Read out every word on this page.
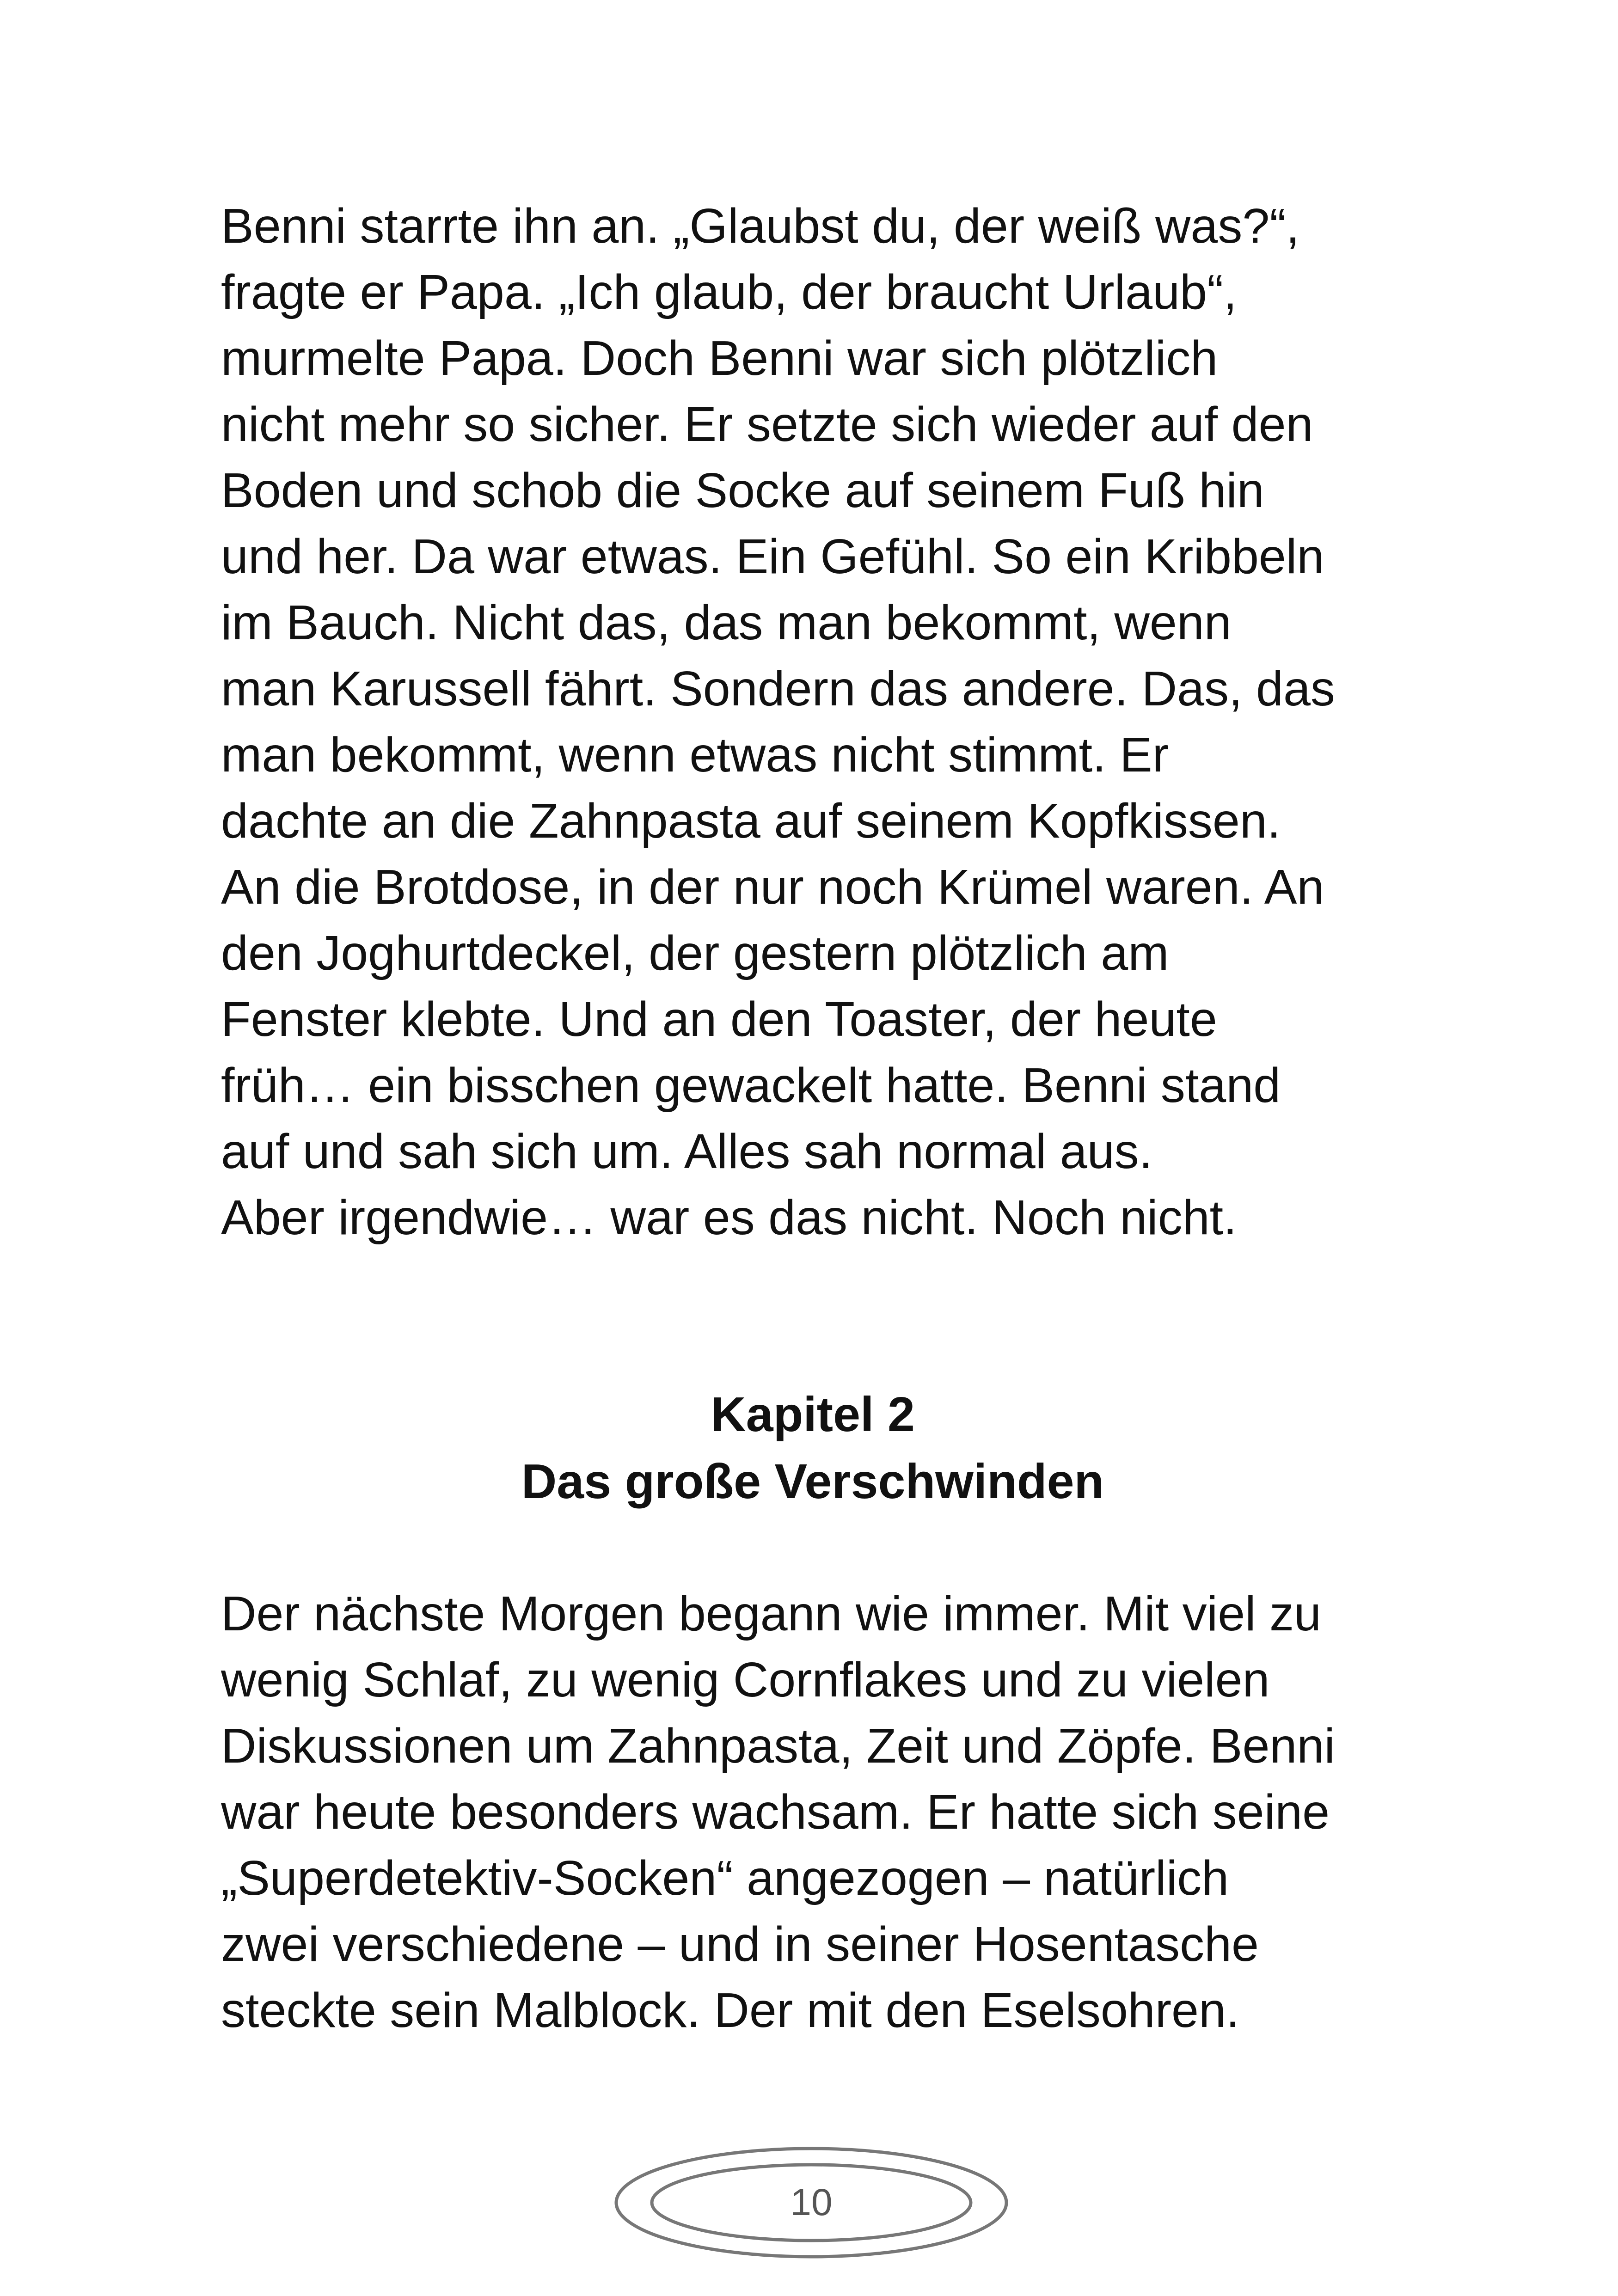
Benni starrte ihn an. „Glaubst du, der weiß was?“,
fragte er Papa. „Ich glaub, der braucht Urlaub“,
murmelte Papa. Doch Benni war sich plötzlich
nicht mehr so sicher. Er setzte sich wieder auf den
Boden und schob die Socke auf seinem Fuß hin
und her. Da war etwas. Ein Gefühl. So ein Kribbeln
im Bauch. Nicht das, das man bekommt, wenn
man Karussell fährt. Sondern das andere. Das, das
man bekommt, wenn etwas nicht stimmt. Er
dachte an die Zahnpasta auf seinem Kopfkissen.
An die Brotdose, in der nur noch Krümel waren. An
den Joghurtdeckel, der gestern plötzlich am
Fenster klebte. Und an den Toaster, der heute
früh… ein bisschen gewackelt hatte. Benni stand
auf und sah sich um. Alles sah normal aus.
Aber irgendwie… war es das nicht. Noch nicht.

Kapitel 2
Das große Verschwinden

Der nächste Morgen begann wie immer. Mit viel zu
wenig Schlaf, zu wenig Cornflakes und zu vielen
Diskussionen um Zahnpasta, Zeit und Zöpfe. Benni
war heute besonders wachsam. Er hatte sich seine
„Superdetektiv-Socken“ angezogen – natürlich
zwei verschiedene – und in seiner Hosentasche
steckte sein Malblock. Der mit den Eselsohren.

10
